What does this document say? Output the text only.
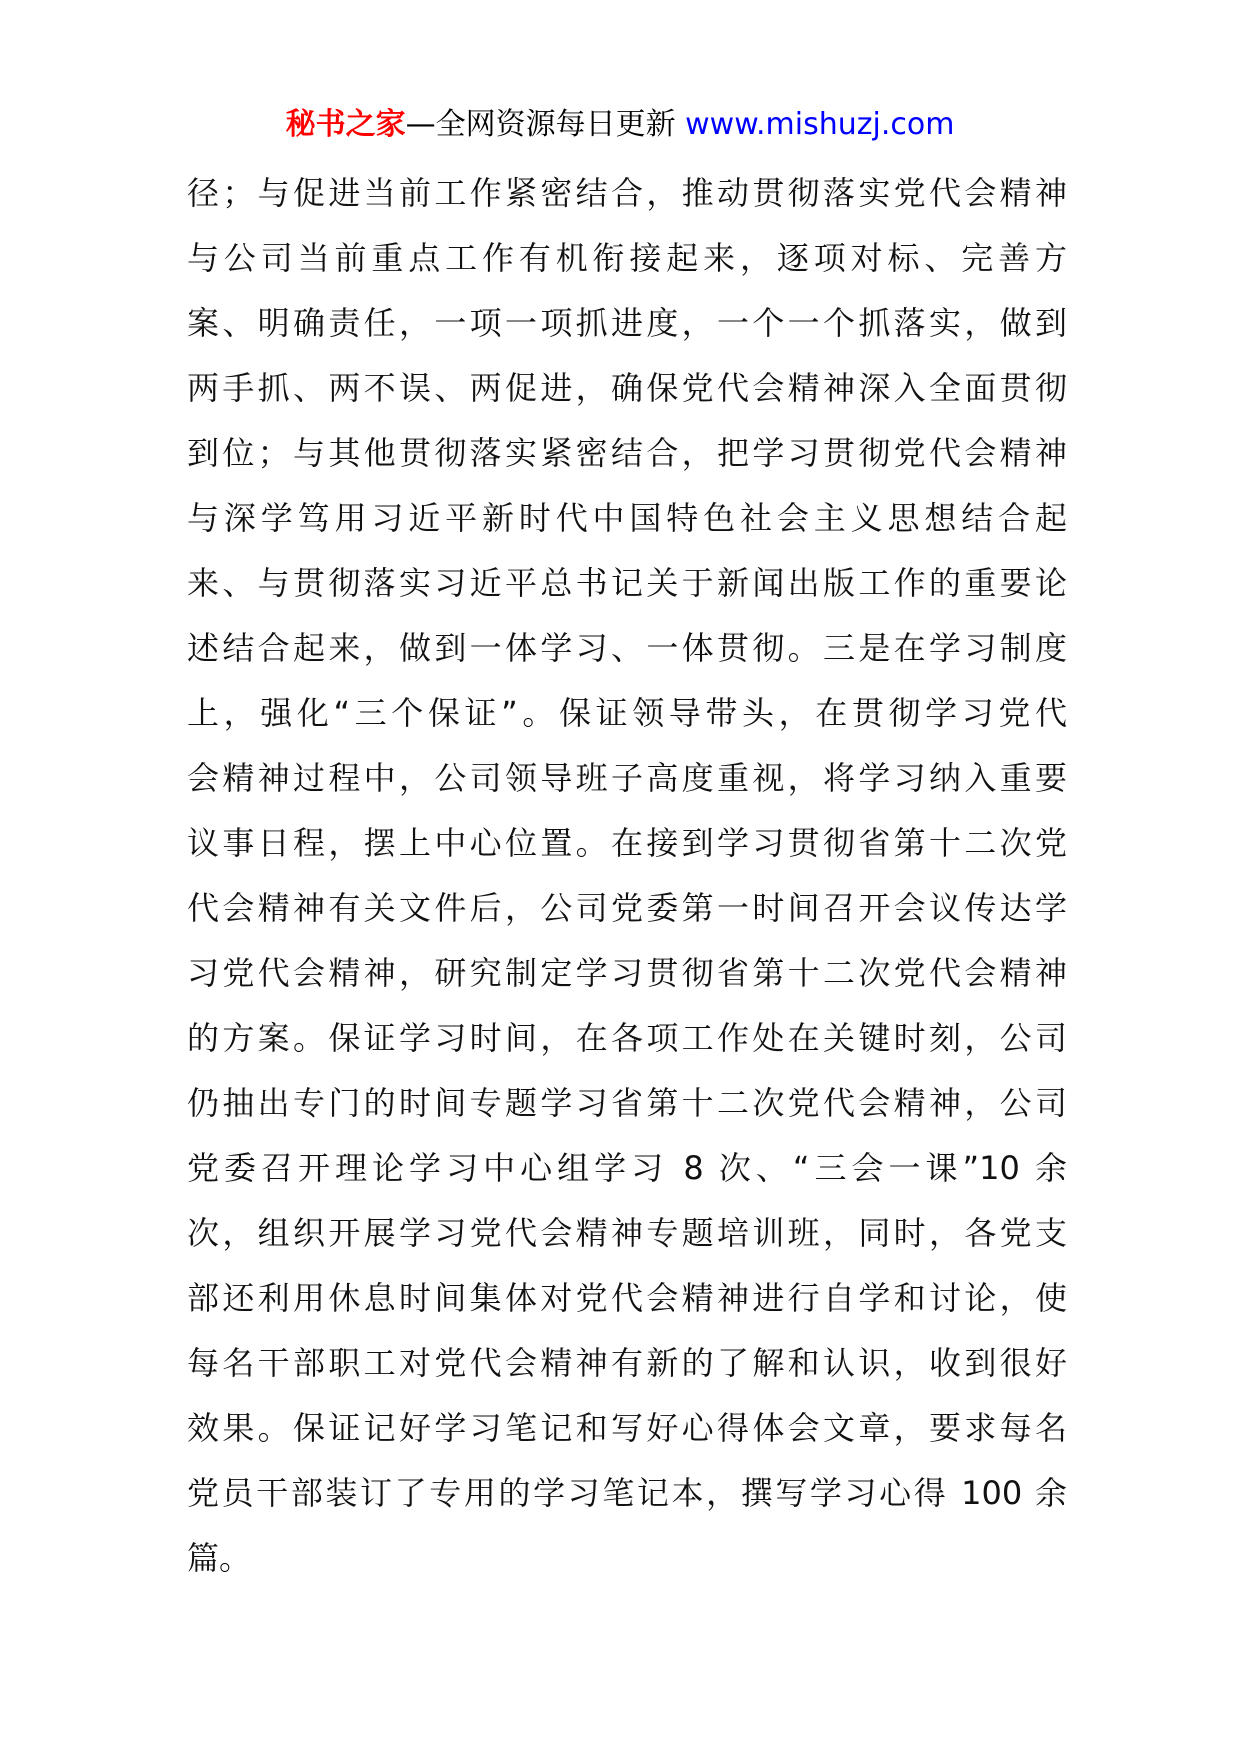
秘书之家—全网资源每日更新 www.mishuzj.com
径；与促进当前工作紧密结合，推动贯彻落实党代会精神
与公司当前重点工作有机衔接起来，逐项对标、完善方
案、明确责任，一项一项抓进度，一个一个抓落实，做到
两手抓、两不误、两促进，确保党代会精神深入全面贯彻
到位；与其他贯彻落实紧密结合，把学习贯彻党代会精神
与深学笃用习近平新时代中国特色社会主义思想结合起
来、与贯彻落实习近平总书记关于新闻出版工作的重要论
述结合起来，做到一体学习、一体贯彻。三是在学习制度
上，强化“三个保证”。保证领导带头，在贯彻学习党代
会精神过程中，公司领导班子高度重视，将学习纳入重要
议事日程，摆上中心位置。在接到学习贯彻省第十二次党
代会精神有关文件后，公司党委第一时间召开会议传达学
习党代会精神，研究制定学习贯彻省第十二次党代会精神
的方案。保证学习时间，在各项工作处在关键时刻，公司
仍抽出专门的时间专题学习省第十二次党代会精神，公司
党委召开理论学习中心组学习 8 次、“三会一课”10 余
次，组织开展学习党代会精神专题培训班，同时，各党支
部还利用休息时间集体对党代会精神进行自学和讨论，使
每名干部职工对党代会精神有新的了解和认识，收到很好
效果。保证记好学习笔记和写好心得体会文章，要求每名
党员干部装订了专用的学习笔记本，撰写学习心得 100 余
篇。
